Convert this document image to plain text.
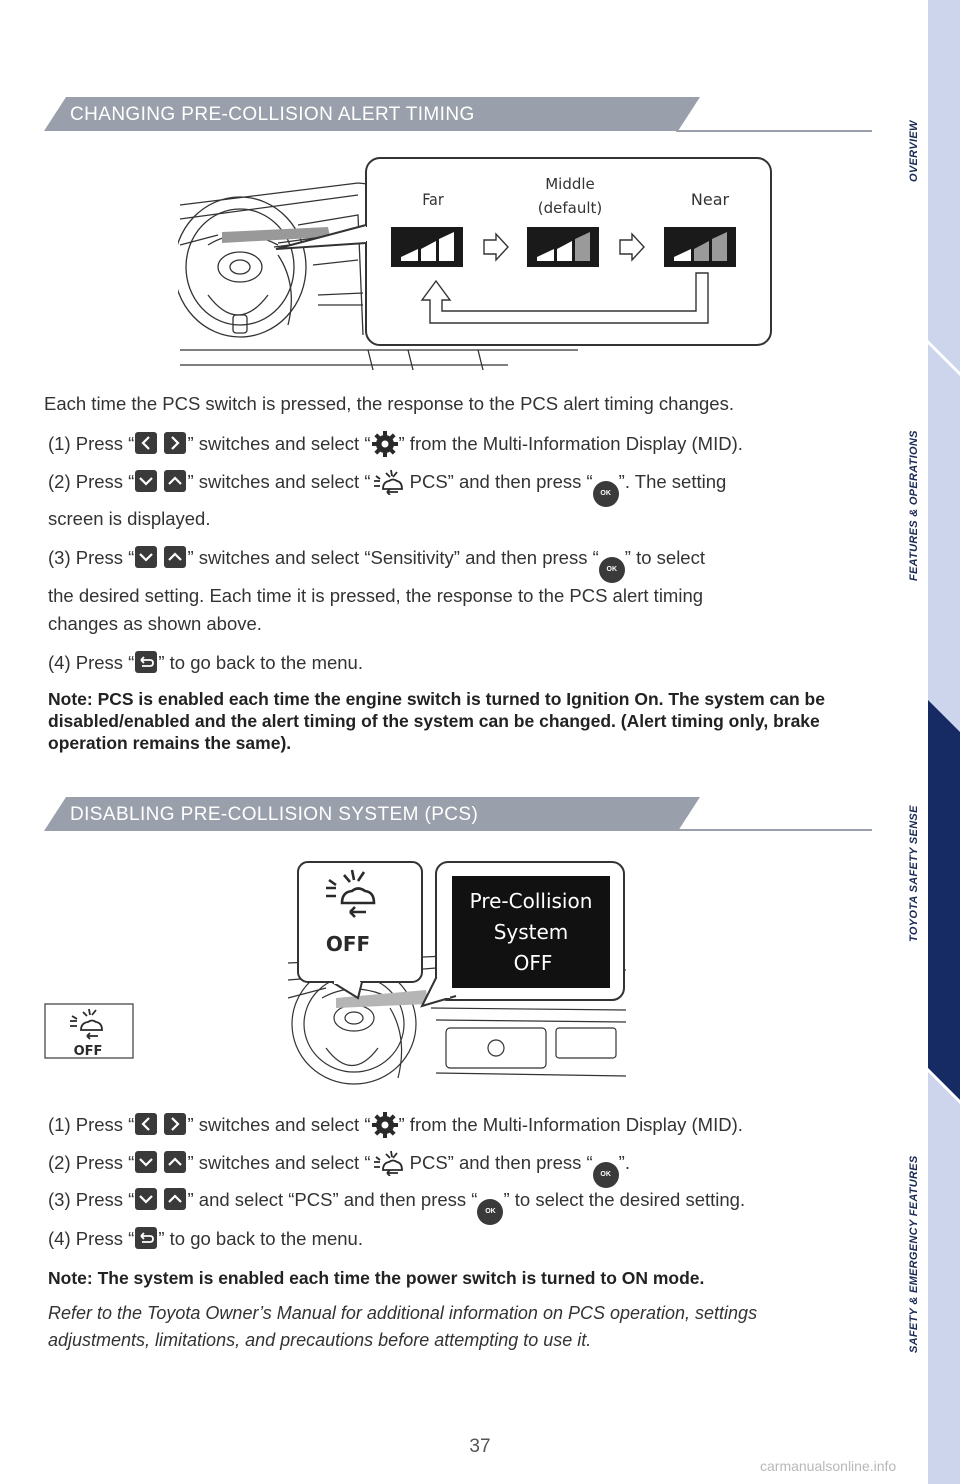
OVERVIEW
FEATURES & OPERATIONS
TOYOTA SAFETY SENSE
SAFETY & EMERGENCY FEATURES
CHANGING PRE-COLLISION ALERT TIMING
Far
Middle
(default)	Near
Each time the PCS switch is pressed, the response to the PCS alert timing changes.
(1) Press “
	” switches and select “ ” from the Multi-Information Display (MID).
(2) Press “
	” switches and select “ PCS” and then press “OK”. The setting
screen is displayed.
(3) Press “
	” switches and select “Sensitivity” and then press “OK” to select
the desired setting. Each time it is pressed, the response to the PCS alert timing
changes as shown above.
(4) Press “ ” to go back to the menu.
Note: PCS is enabled each time the engine switch is turned to Ignition On. The system can be disabled/enabled and the alert timing of the system can be changed. (Alert timing only, brake operation remains the same).
DISABLING PRE-COLLISION SYSTEM (PCS)
OFF
Pre-Collision
System
OFF
OFF
(1) Press “
	” switches and select “ ” from the Multi-Information Display (MID).
(2) Press “
	” switches and select “ PCS” and then press “OK”.
(3) Press “
	” and select “PCS” and then press “OK” to select the desired setting.
(4) Press “ ” to go back to the menu.
Note: The system is enabled each time the power switch is turned to ON mode.
Refer to the Toyota Owner’s Manual for additional information on PCS operation, settings adjustments, limitations, and precautions before attempting to use it.
37
carmanualsonline.info
